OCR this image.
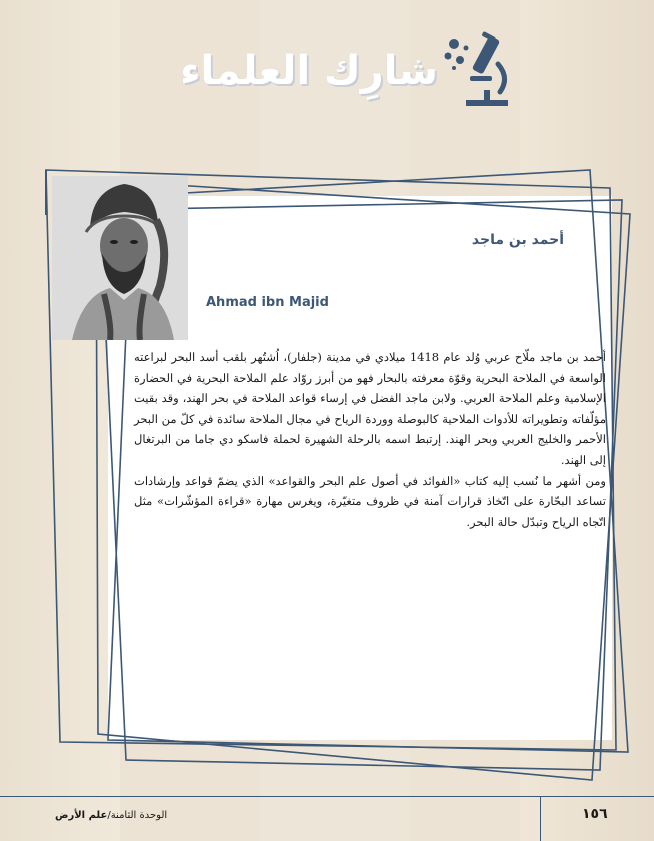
شارِك العلماء
أحمد بن ماجد
Ahmad ibn Majid

أحمد بن ماجد ملّاح عربي وُلد عام 1418 ميلادي في مدينة (جلفار)، اُشتُهر بلقب أسد البحر لبراعته الواسعة في الملاحة البحرية وقوّة معرفته بالبحار فهو من أبرز روّاد علم الملاحة البحرية في الحضارة الإسلامية وعلم الملاحة العربي. ولابن ماجد الفضل في إرساء قواعد الملاحة في بحر الهند، وقد بقيت مؤلّفاته وتطويراته للأدوات الملاحية كالبوصلة ووردة الرياح في مجال الملاحة سائدة في كلّ من البحر الأحمر والخليج العربي وبحر الهند. إرتبط اسمه بالرحلة الشهيرة لحملة فاسكو دي جاما من البرتغال إلى الهند.

ومن أشهر ما نُسب إليه كتاب «الفوائد في أصول علم البحر والقواعد» الذي يضمّ قواعد وإرشادات تساعد البحّارة على اتّخاذ قرارات آمنة في ظروف متغيّرة، ويغرس مهارة «قراءة المؤشّرات» مثل اتّجاه الرياح وتبدّل حالة البحر.

الوحدة الثامنة/علم الأرض	١٥٦
